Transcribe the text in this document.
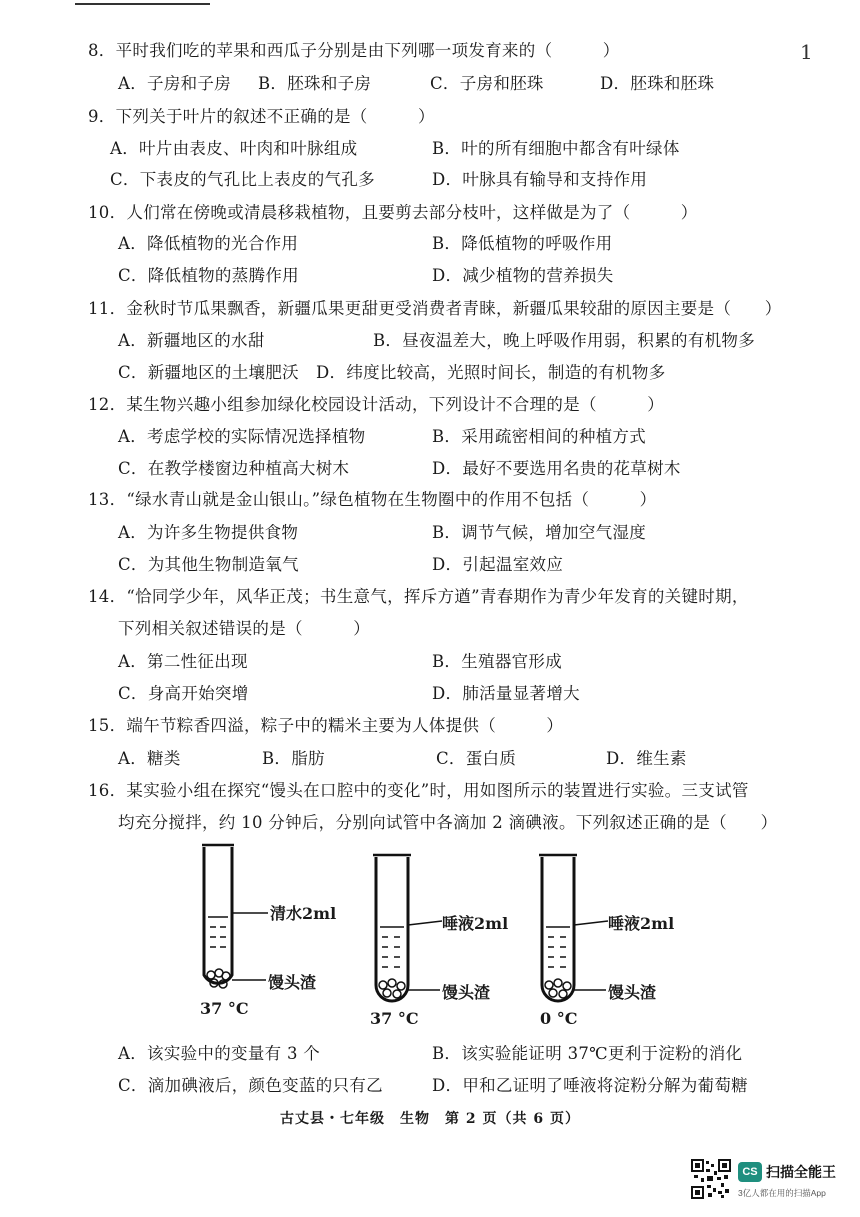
1
8．平时我们吃的苹果和西瓜子分别是由下列哪一项发育来的（　　　）
A．子房和子房 B．胚珠和子房	C．子房和胚珠	D．胚珠和胚珠
9．下列关于叶片的叙述不正确的是（　　　）
A．叶片由表皮、叶肉和叶脉组成	B．叶的所有细胞中都含有叶绿体
C．下表皮的气孔比上表皮的气孔多	D．叶脉具有输导和支持作用
10．人们常在傍晚或清晨移栽植物，且要剪去部分枝叶，这样做是为了（　　　）
A．降低植物的光合作用	B．降低植物的呼吸作用
C．降低植物的蒸腾作用	D．减少植物的营养损失
11．金秋时节瓜果飘香，新疆瓜果更甜更受消费者青睐，新疆瓜果较甜的原因主要是（　　）
A．新疆地区的水甜	B．昼夜温差大，晚上呼吸作用弱，积累的有机物多
C．新疆地区的土壤肥沃 D．纬度比较高，光照时间长，制造的有机物多
12．某生物兴趣小组参加绿化校园设计活动，下列设计不合理的是（　　　）
A．考虑学校的实际情况选择植物	B．采用疏密相间的种植方式
C．在教学楼窗边种植高大树木	D．最好不要选用名贵的花草树木
13．“绿水青山就是金山银山。”绿色植物在生物圈中的作用不包括（　　　）
A．为许多生物提供食物	B．调节气候，增加空气湿度
C．为其他生物制造氧气	D．引起温室效应
14．“恰同学少年，风华正茂；书生意气，挥斥方遒”青春期作为青少年发育的关键时期，
下列相关叙述错误的是（　　　）
A．第二性征出现	B．生殖器官形成
C．身高开始突增	D．肺活量显著增大
15．端午节粽香四溢，粽子中的糯米主要为人体提供（　　　）
A．糖类	B．脂肪	C．蛋白质	D．维生素
16．某实验小组在探究“馒头在口腔中的变化”时，用如图所示的装置进行实验。三支试管
均充分搅拌，约 10 分钟后，分别向试管中各滴加 2 滴碘液。下列叙述正确的是（　　）
清水2ml
馒头渣
37 °C
唾液2ml
馒头渣
37 °C
唾液2ml
馒头渣
0 °C
A．该实验中的变量有 3 个	B．该实验能证明 37℃更利于淀粉的消化
C．滴加碘液后，颜色变蓝的只有乙	D．甲和乙证明了唾液将淀粉分解为葡萄糖
古丈县・七年级　生物　第 2 页（共 6 页）
CS 扫描全能王
3亿人都在用的扫描App
